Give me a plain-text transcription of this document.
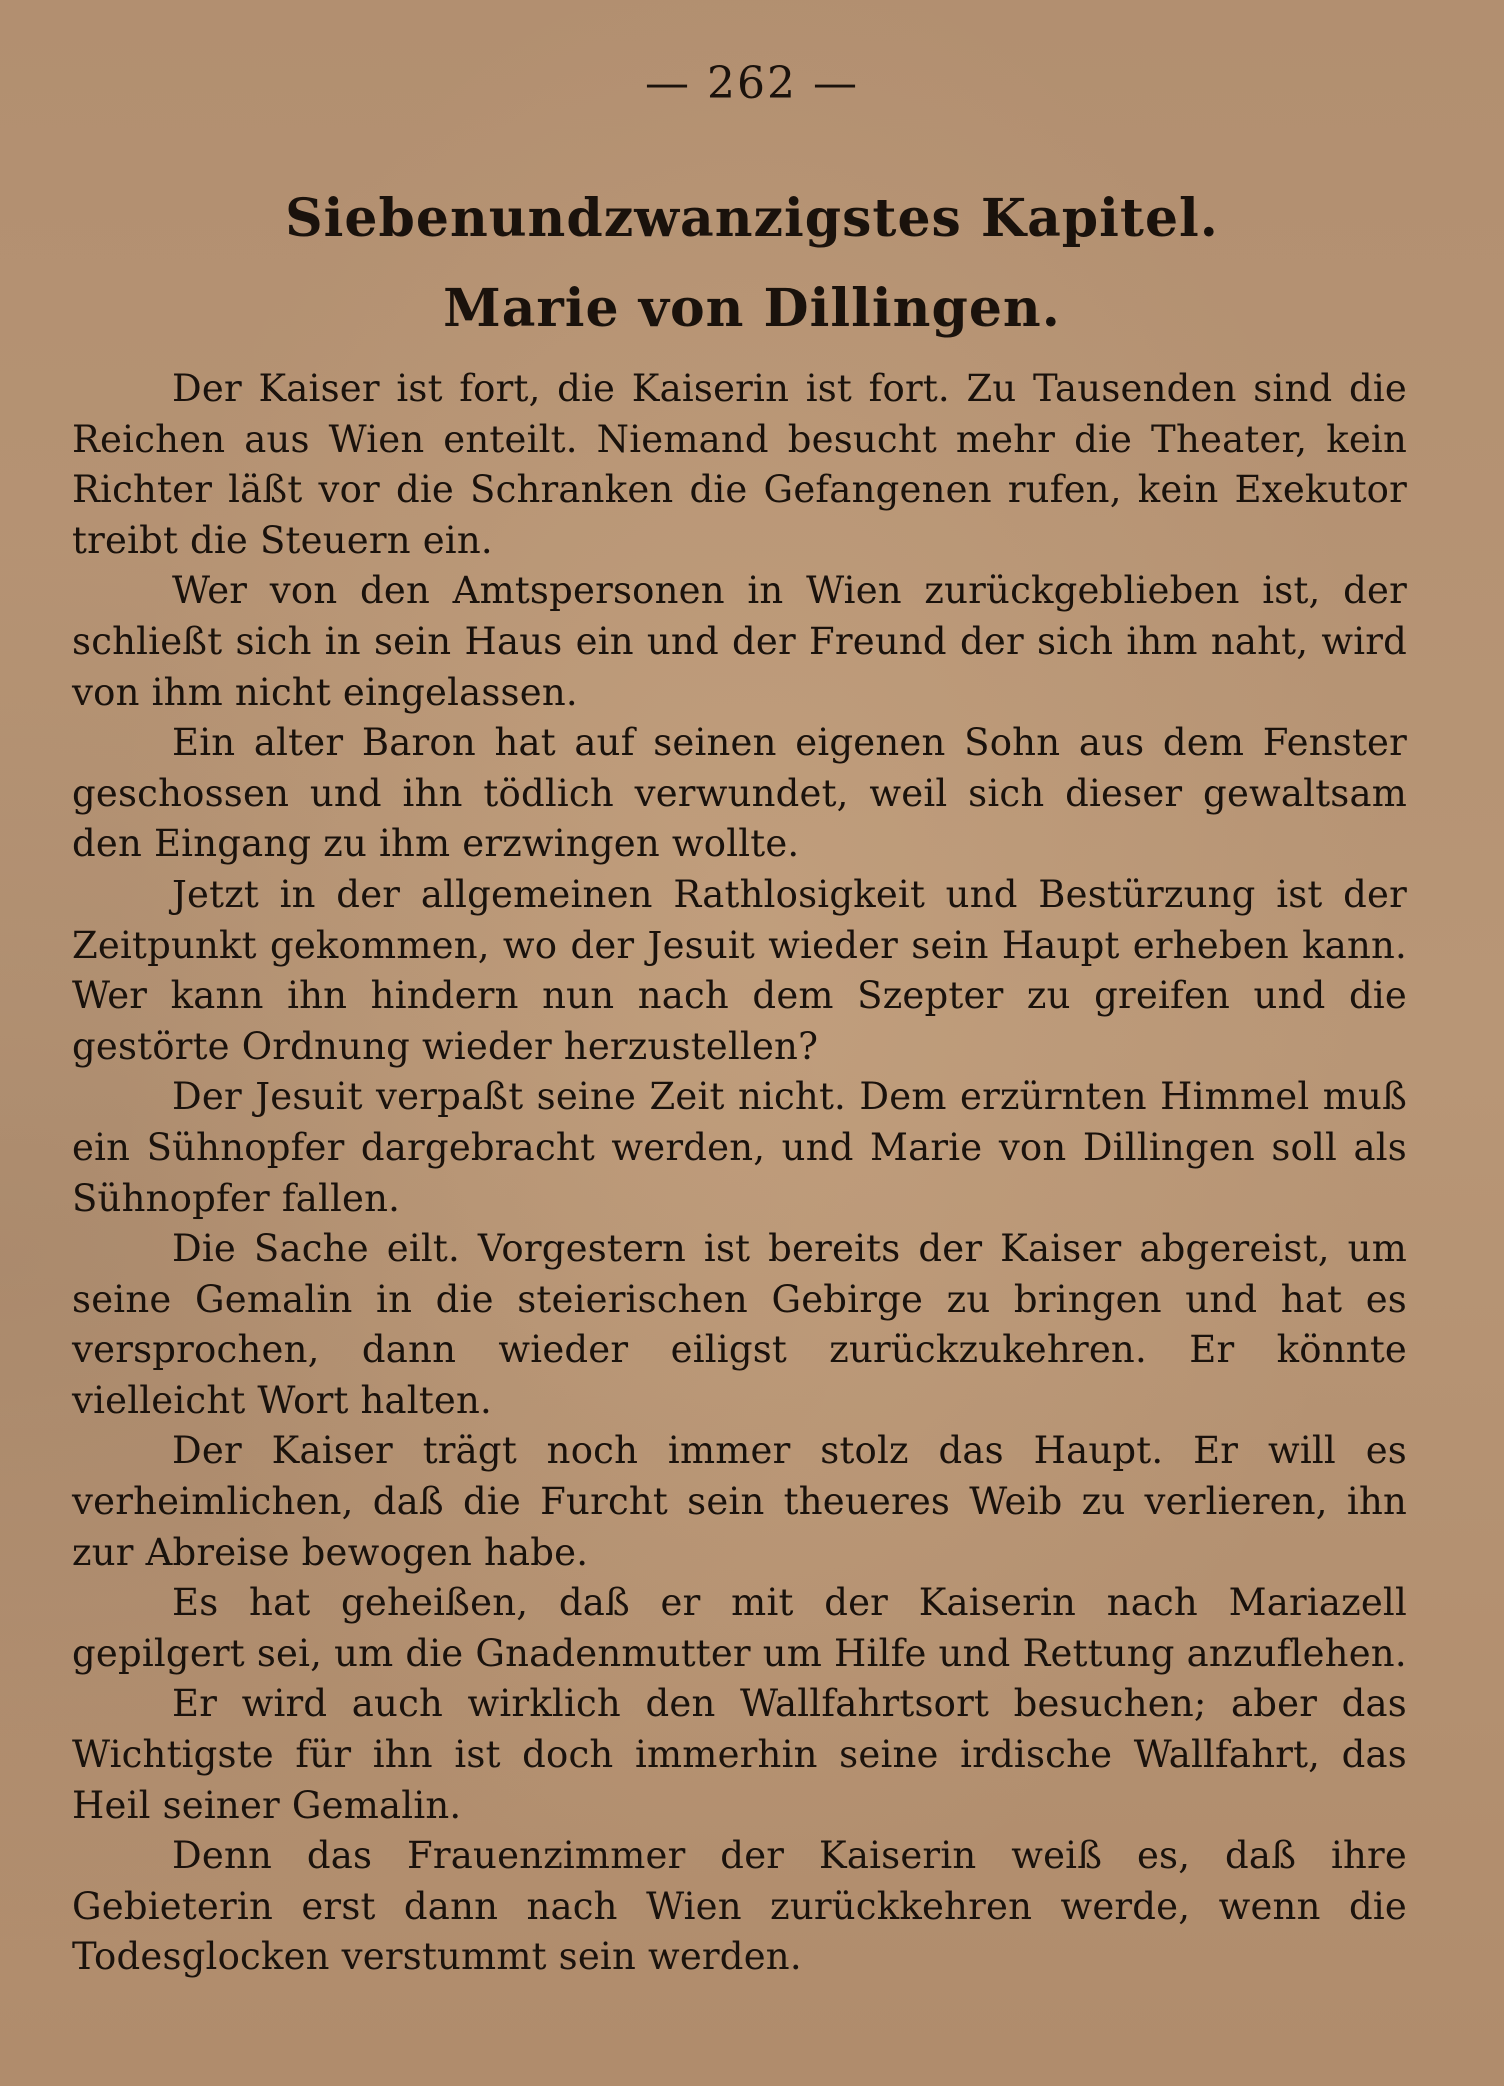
— 262 —
Siebenundzwanzigstes Kapitel.
Marie von Dillingen.

Der Kaiser ist fort, die Kaiserin ist fort. Zu Tausenden sind die Reichen aus Wien enteilt. Niemand besucht mehr die Theater, kein Richter läßt vor die Schranken die Gefangenen rufen, kein Exekutor treibt die Steuern ein.

Wer von den Amtspersonen in Wien zurückgeblieben ist, der schließt sich in sein Haus ein und der Freund der sich ihm naht, wird von ihm nicht eingelassen.

Ein alter Baron hat auf seinen eigenen Sohn aus dem Fenster geschossen und ihn tödlich verwundet, weil sich dieser gewaltsam den Eingang zu ihm erzwingen wollte.

Jetzt in der allgemeinen Rathlosigkeit und Bestürzung ist der Zeitpunkt gekommen, wo der Jesuit wieder sein Haupt erheben kann. Wer kann ihn hindern nun nach dem Szepter zu greifen und die gestörte Ordnung wieder herzustellen?

Der Jesuit verpaßt seine Zeit nicht. Dem erzürnten Himmel muß ein Sühnopfer dargebracht werden, und Marie von Dillingen soll als Sühnopfer fallen.

Die Sache eilt. Vorgestern ist bereits der Kaiser abgereist, um seine Gemalin in die steierischen Gebirge zu bringen und hat es versprochen, dann wieder eiligst zurückzukehren. Er könnte vielleicht Wort halten.

Der Kaiser trägt noch immer stolz das Haupt. Er will es verheimlichen, daß die Furcht sein theueres Weib zu verlieren, ihn zur Abreise bewogen habe.

Es hat geheißen, daß er mit der Kaiserin nach Mariazell gepilgert sei, um die Gnadenmutter um Hilfe und Rettung anzuflehen.

Er wird auch wirklich den Wallfahrtsort besuchen; aber das Wichtigste für ihn ist doch immerhin seine irdische Wallfahrt, das Heil seiner Gemalin.

Denn das Frauenzimmer der Kaiserin weiß es, daß ihre Gebieterin erst dann nach Wien zurückkehren werde, wenn die Todesglocken verstummt sein werden.
